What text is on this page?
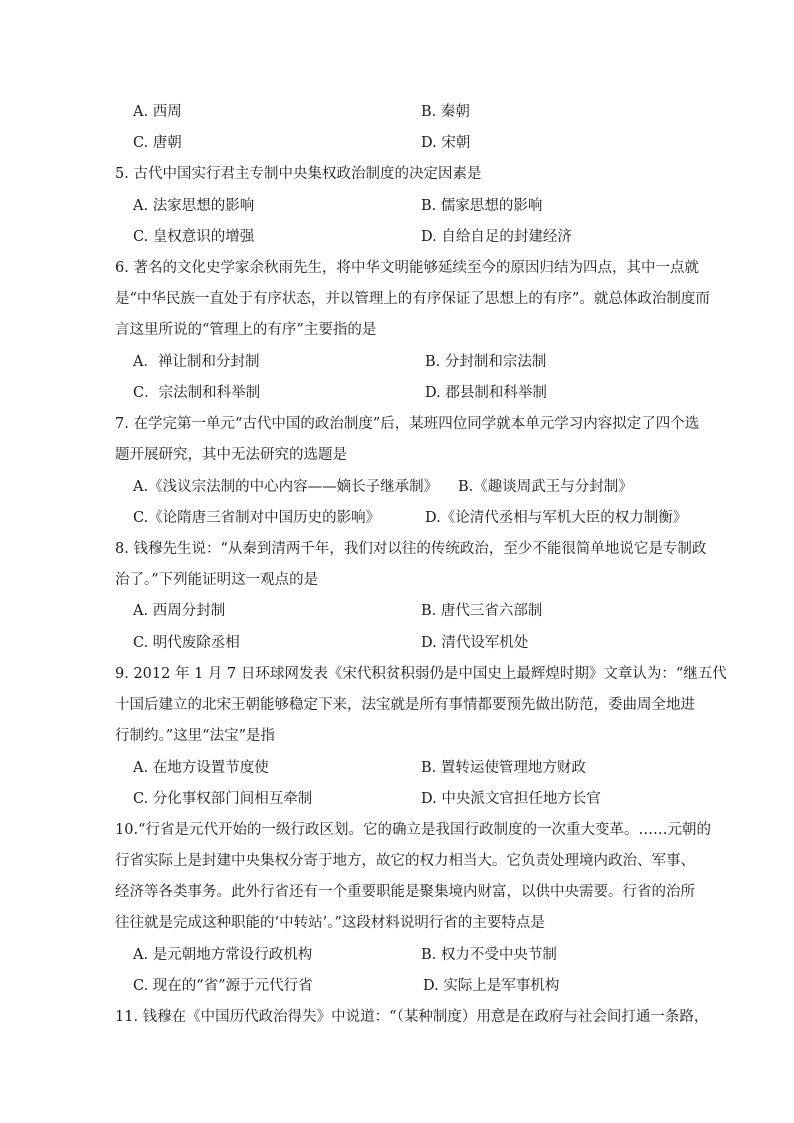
A. 西周	B. 秦朝
C. 唐朝	D. 宋朝
5. 古代中国实行君主专制中央集权政治制度的决定因素是
A. 法家思想的影响	B. 儒家思想的影响
C. 皇权意识的增强	D. 自给自足的封建经济
6. 著名的文化史学家余秋雨先生，将中华文明能够延续至今的原因归结为四点，其中一点就
是“中华民族一直处于有序状态，并以管理上的有序保证了思想上的有序”。就总体政治制度而
言这里所说的“管理上的有序”主要指的是
A．禅让制和分封制	B. 分封制和宗法制
C．宗法制和科举制	D. 郡县制和科举制
7. 在学完第一单元“古代中国的政治制度”后，某班四位同学就本单元学习内容拟定了四个选
题开展研究，其中无法研究的选题是
A.《浅议宗法制的中心内容——嫡长子继承制》 B.《趣谈周武王与分封制》
C.《论隋唐三省制对中国历史的影响》	D.《论清代丞相与军机大臣的权力制衡》
8. 钱穆先生说：“从秦到清两千年，我们对以往的传统政治，至少不能很简单地说它是专制政
治了。”下列能证明这一观点的是
A. 西周分封制	B. 唐代三省六部制
C. 明代废除丞相	D. 清代设军机处
9. 2012 年 1 月 7 日环球网发表《宋代积贫积弱仍是中国史上最辉煌时期》文章认为：“继五代
十国后建立的北宋王朝能够稳定下来，法宝就是所有事情都要预先做出防范，委曲周全地进
行制约。”这里“法宝”是指
A. 在地方设置节度使	B. 置转运使管理地方财政
C. 分化事权部门间相互牵制	D. 中央派文官担任地方长官
10.“行省是元代开始的一级行政区划。它的确立是我国行政制度的一次重大变革。……元朝的
行省实际上是封建中央集权分寄于地方，故它的权力相当大。它负责处理境内政治、军事、
经济等各类事务。此外行省还有一个重要职能是聚集境内财富，以供中央需要。行省的治所
往往就是完成这种职能的‘中转站’。”这段材料说明行省的主要特点是
A. 是元朝地方常设行政机构	B. 权力不受中央节制
C. 现在的“省”源于元代行省	D. 实际上是军事机构
11. 钱穆在《中国历代政治得失》中说道：“（某种制度）用意是在政府与社会间打通一条路，
